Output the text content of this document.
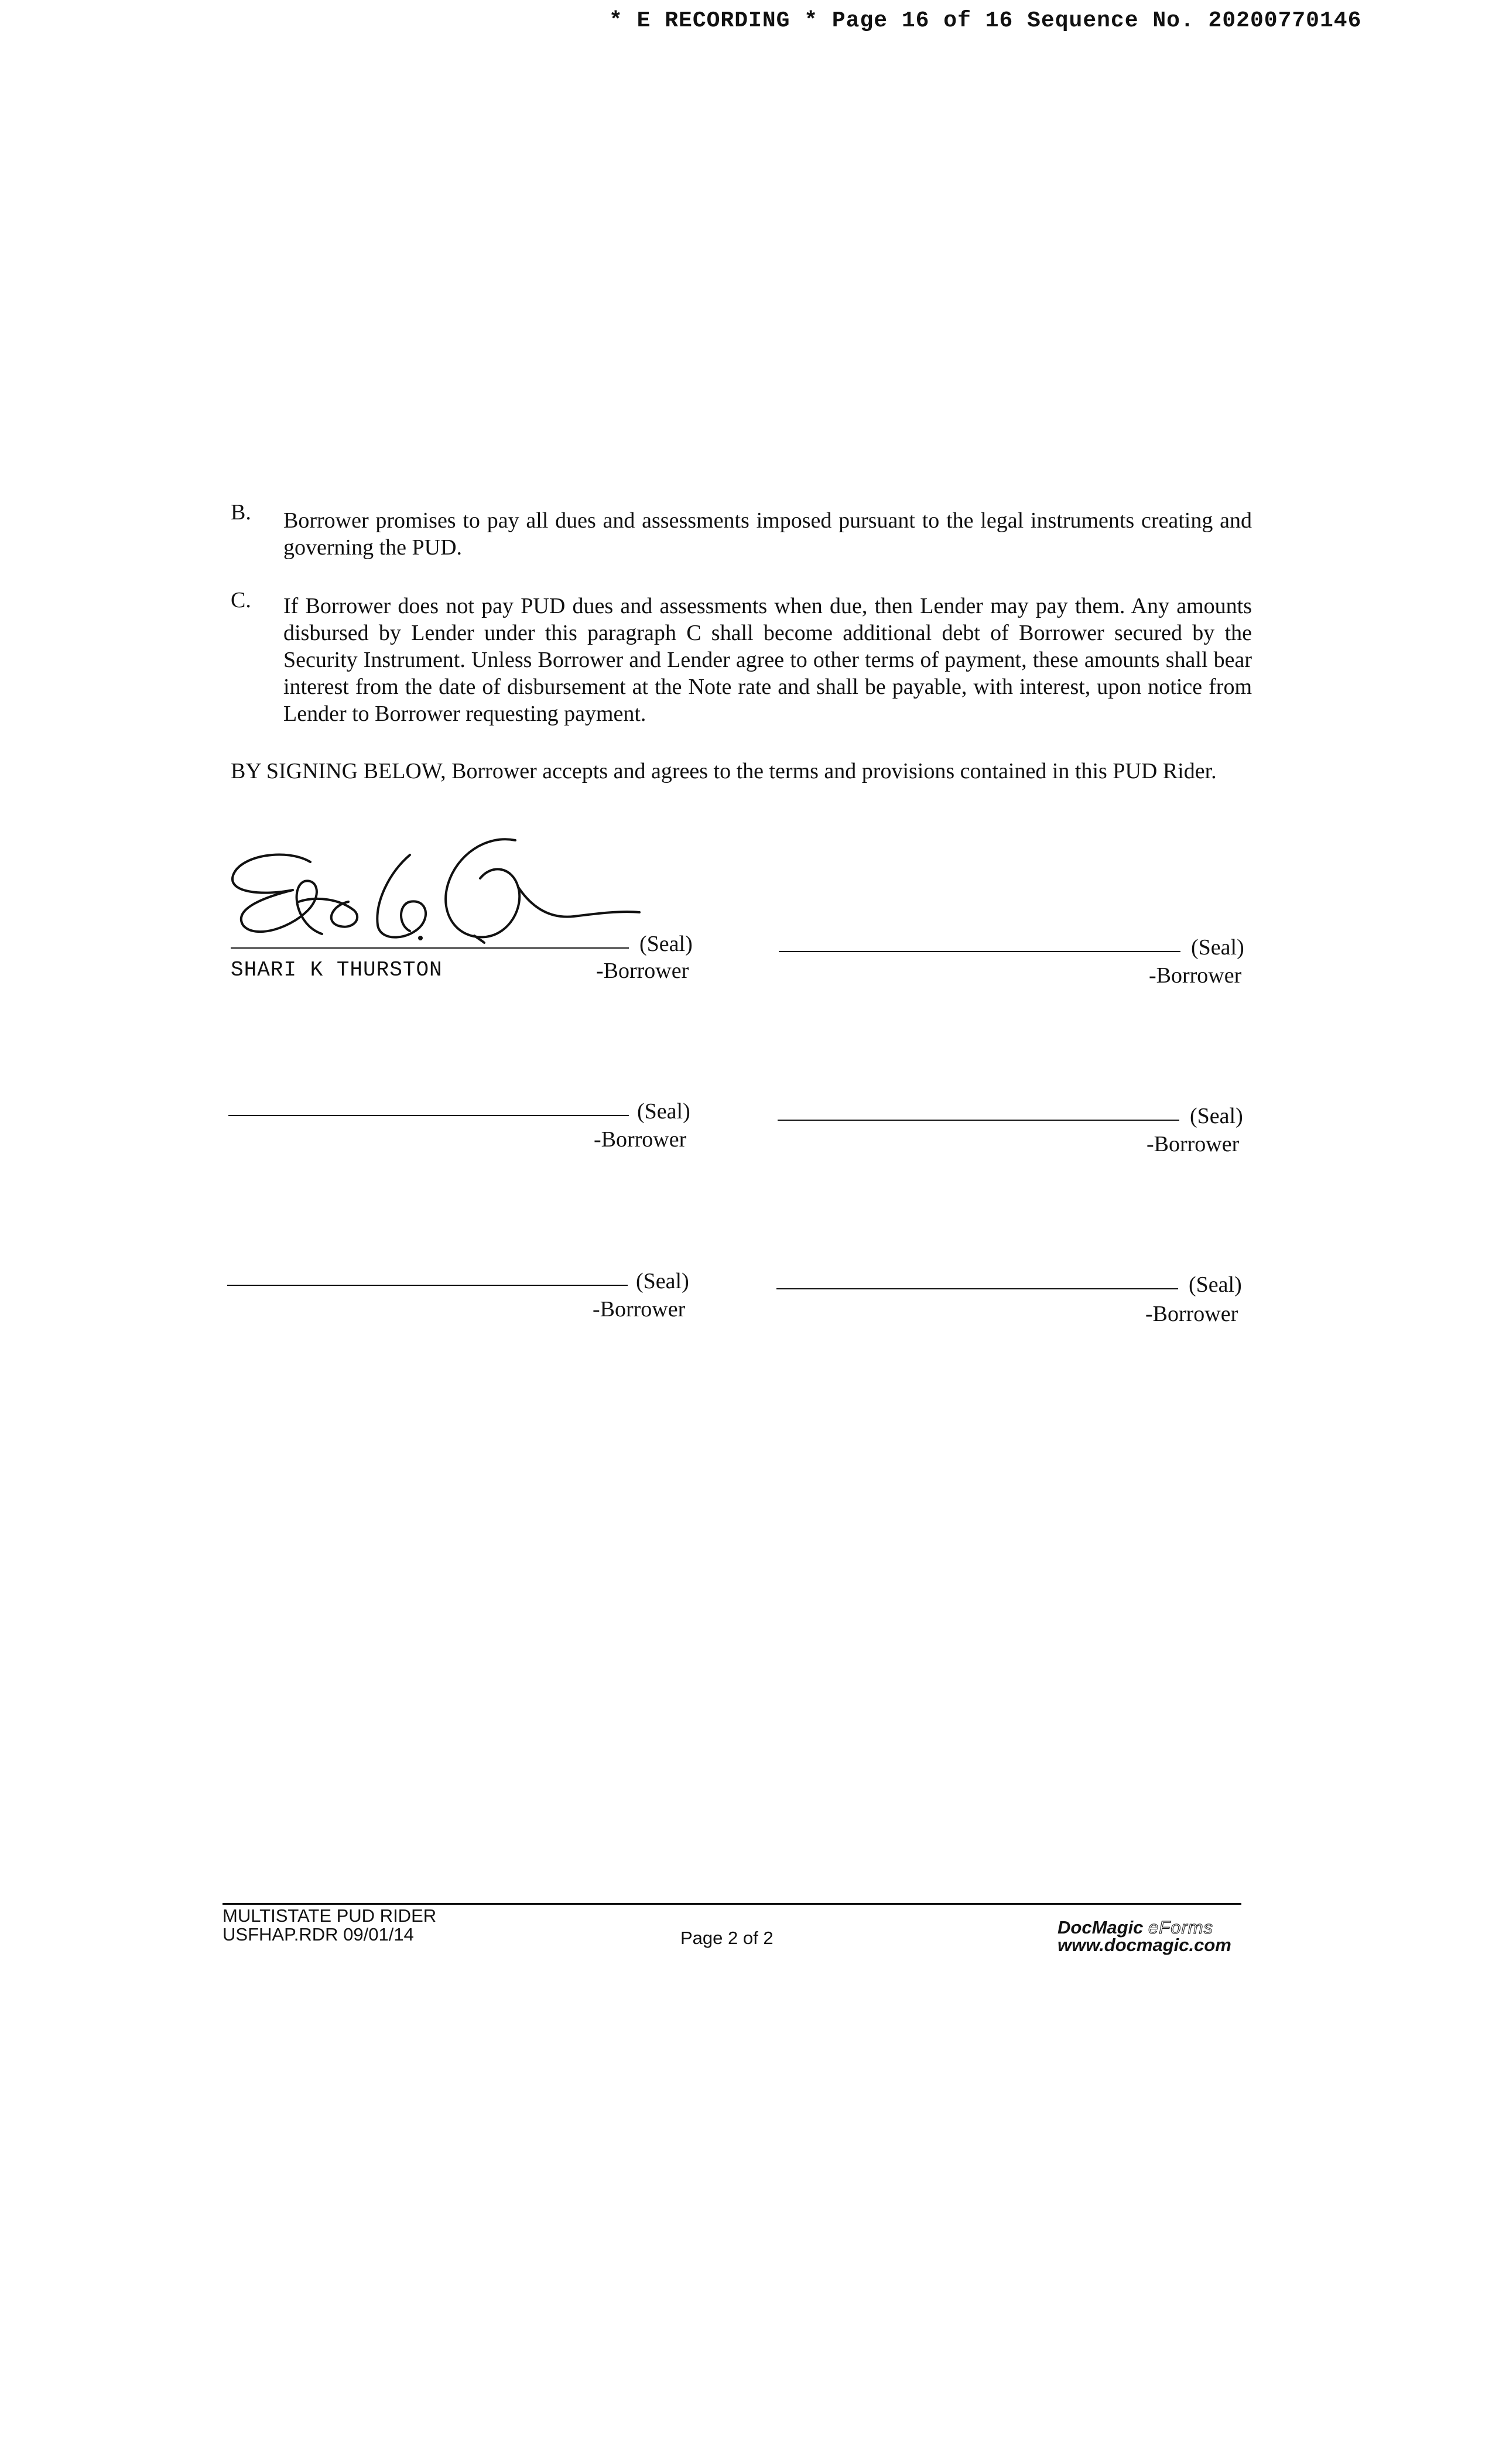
* E RECORDING * Page 16 of 16 Sequence No. 20200770146
B. Borrower promises to pay all dues and assessments imposed pursuant to the legal instruments creating and governing the PUD.
C. If Borrower does not pay PUD dues and assessments when due, then Lender may pay them. Any amounts disbursed by Lender under this paragraph C shall become additional debt of Borrower secured by the Security Instrument. Unless Borrower and Lender agree to other terms of payment, these amounts shall bear interest from the date of disbursement at the Note rate and shall be payable, with interest, upon notice from Lender to Borrower requesting payment.
BY SIGNING BELOW, Borrower accepts and agrees to the terms and provisions contained in this PUD Rider.
(Seal)
SHARI K THURSTON	-Borrower
(Seal)
-Borrower
(Seal)
-Borrower
(Seal)
-Borrower
(Seal)
-Borrower
(Seal)
-Borrower
MULTISTATE PUD RIDER
USFHAP.RDR 09/01/14	Page 2 of 2
DocMagic eForms
www.docmagic.com
